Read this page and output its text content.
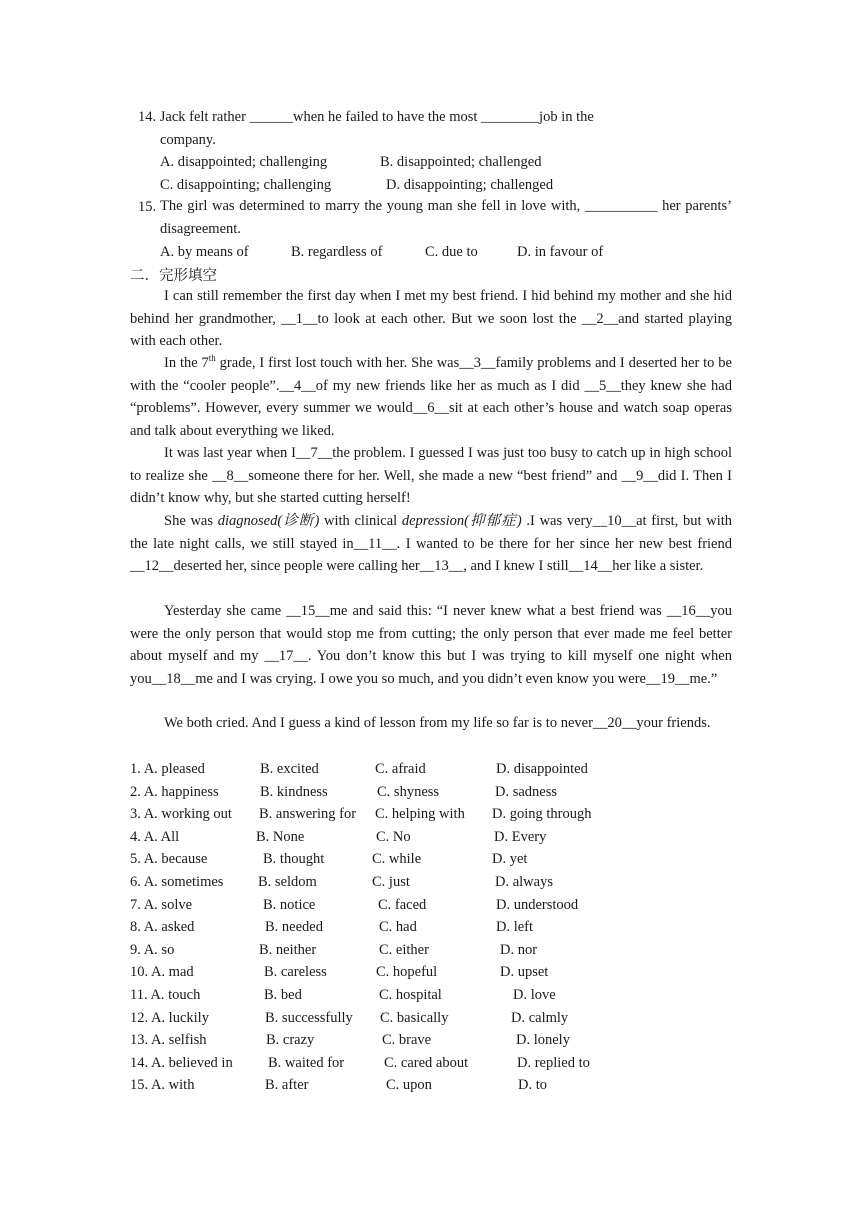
14. Jack felt rather ______when he failed to have the most ________job in the
company.
A. disappointed; challenging	B. disappointed; challenged
C. disappointing; challenging	D. disappointing; challenged
15. The girl was determined to marry the young man she fell in love with, __________ her parents’ disagreement.
A. by means of	B. regardless of	C. due to	D. in favour of
二．完形填空
I can still remember the first day when I met my best friend. I hid behind my mother and she hid behind her grandmother, __1__to look at each other. But we soon lost the __2__and started playing with each other.
In the 7th grade, I first lost touch with her. She was__3__family problems and I deserted her to be with the “cooler people”.__4__of my new friends like her as much as I did __5__they knew she had “problems”. However, every summer we would__6__sit at each other’s house and watch soap operas and talk about everything we liked.
It was last year when I__7__the problem. I guessed I was just too busy to catch up in high school to realize she __8__someone there for her. Well, she made a new “best friend” and __9__did I. Then I didn’t know why, but she started cutting herself!
She was diagnosed(诊断) with clinical depression(抑郁症) .I was very__10__at first, but with the late night calls, we still stayed in__11__. I wanted to be there for her since her new best friend __12__deserted her, since people were calling her__13__, and I knew I still__14__her like a sister.
Yesterday she came __15__me and said this: “I never knew what a best friend was __16__you were the only person that would stop me from cutting; the only person that ever made me feel better about myself and my __17__. You don’t know this but I was trying to kill myself one night when you__18__me and I was crying. I owe you so much, and you didn’t even know you were__19__me.”
We both cried. And I guess a kind of lesson from my life so far is to never__20__your friends.
1. A. pleased	B. excited	C. afraid	D. disappointed
2. A. happiness	B. kindness	C. shyness	D. sadness
3. A. working out B. answering for C. helping with D. going through
4. A. All	B. None	C. No	D. Every
5. A. because	B. thought	C. while	D. yet
6. A. sometimes B. seldom	C. just	D. always
7. A. solve	B. notice	C. faced	D. understood
8. A. asked	B. needed	C. had	D. left
9. A. so	B. neither	C. either	D. nor
10. A. mad	B. careless	C. hopeful	D. upset
11. A. touch	B. bed	C. hospital	D. love
12. A. luckily	B. successfully C. basically	D. calmly
13. A. selfish	B. crazy	C. brave	D. lonely
14. A. believed in B. waited for	C. cared about	D. replied to
15. A. with	B. after	C. upon	D. to
